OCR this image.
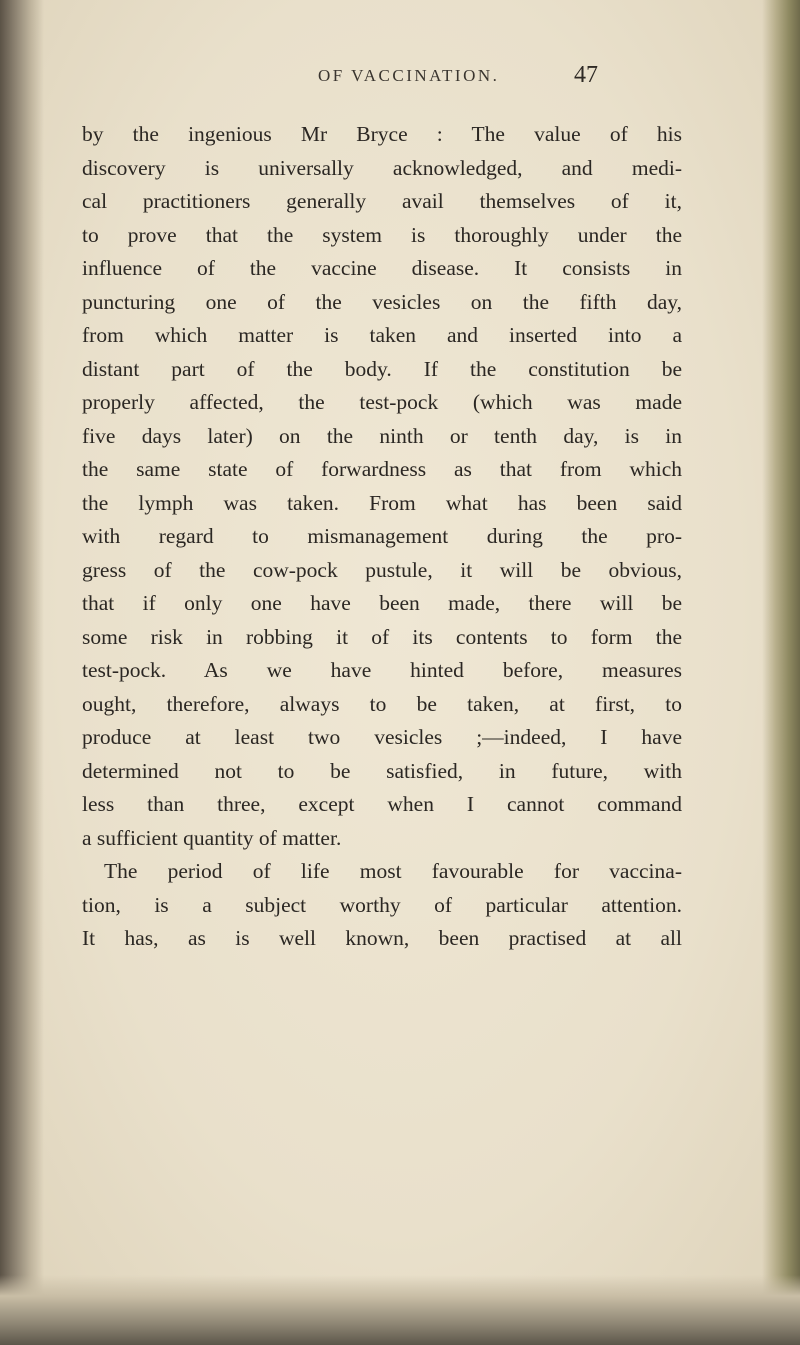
OF VACCINATION.	47
by the ingenious Mr Bryce : The value of his
discovery is universally acknowledged, and medi-
cal practitioners generally avail themselves of it,
to prove that the system is thoroughly under the
influence of the vaccine disease. It consists in
puncturing one of the vesicles on the fifth day,
from which matter is taken and inserted into a
distant part of the body. If the constitution be
properly affected, the test-pock (which was made
five days later) on the ninth or tenth day, is in
the same state of forwardness as that from which
the lymph was taken. From what has been said
with regard to mismanagement during the pro-
gress of the cow-pock pustule, it will be obvious,
that if only one have been made, there will be
some risk in robbing it of its contents to form the
test-pock. As we have hinted before, measures
ought, therefore, always to be taken, at first, to
produce at least two vesicles ;—indeed, I have
determined not to be satisfied, in future, with
less than three, except when I cannot command
a sufficient quantity of matter.
The period of life most favourable for vaccina-
tion, is a subject worthy of particular attention.
It has, as is well known, been practised at all
